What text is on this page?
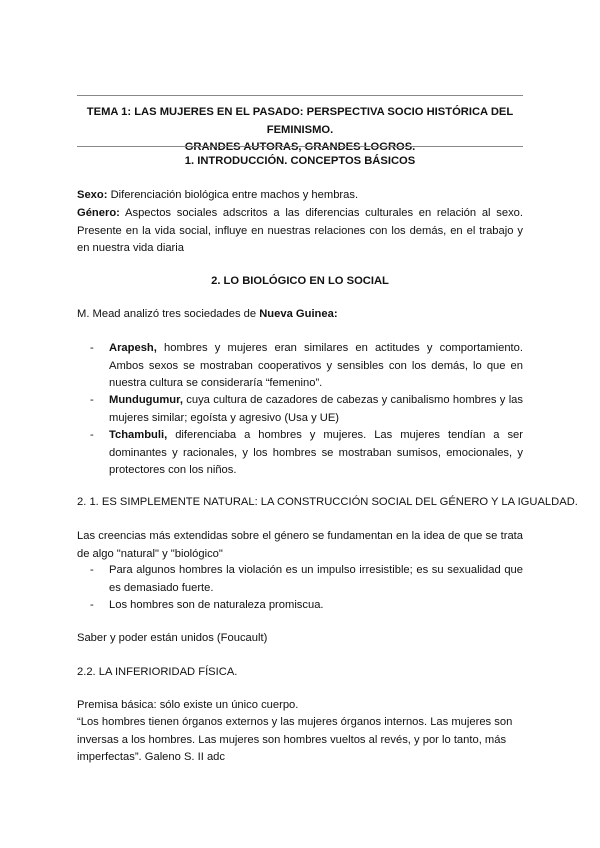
TEMA 1: LAS MUJERES EN EL PASADO: PERSPECTIVA SOCIO HISTÓRICA DEL FEMINISMO.
GRANDES AUTORAS, GRANDES LOGROS.
1. INTRODUCCIÓN. CONCEPTOS BÁSICOS
Sexo: Diferenciación biológica entre machos y hembras.
Género: Aspectos sociales adscritos a las diferencias culturales en relación al sexo. Presente en la vida social, influye en nuestras relaciones con los demás, en el trabajo y en nuestra vida diaria
2. LO BIOLÓGICO EN LO SOCIAL
M. Mead analizó tres sociedades de Nueva Guinea:
- Arapesh, hombres y mujeres eran similares en actitudes y comportamiento. Ambos sexos se mostraban cooperativos y sensibles con los demás, lo que en nuestra cultura se consideraría “femenino”.
- Mundugumur, cuya cultura de cazadores de cabezas y canibalismo hombres y las mujeres similar; egoísta y agresivo (Usa y UE)
- Tchambuli, diferenciaba a hombres y mujeres. Las mujeres tendían a ser dominantes y racionales, y los hombres se mostraban sumisos, emocionales, y protectores con los niños.
2. 1. ES SIMPLEMENTE NATURAL: LA CONSTRUCCIÓN SOCIAL DEL GÉNERO Y LA IGUALDAD.
Las creencias más extendidas sobre el género se fundamentan en la idea de que se trata de algo "natural" y "biológico"
- Para algunos hombres la violación es un impulso irresistible; es su sexualidad que es demasiado fuerte.
- Los hombres son de naturaleza promiscua.
Saber y poder están unidos (Foucault)
2.2. LA INFERIORIDAD FÍSICA.
Premisa básica: sólo existe un único cuerpo.
“Los hombres tienen órganos externos y las mujeres órganos internos. Las mujeres son
inversas a los hombres. Las mujeres son hombres vueltos al revés, y por lo tanto, más
imperfectas”. Galeno S. II adc
